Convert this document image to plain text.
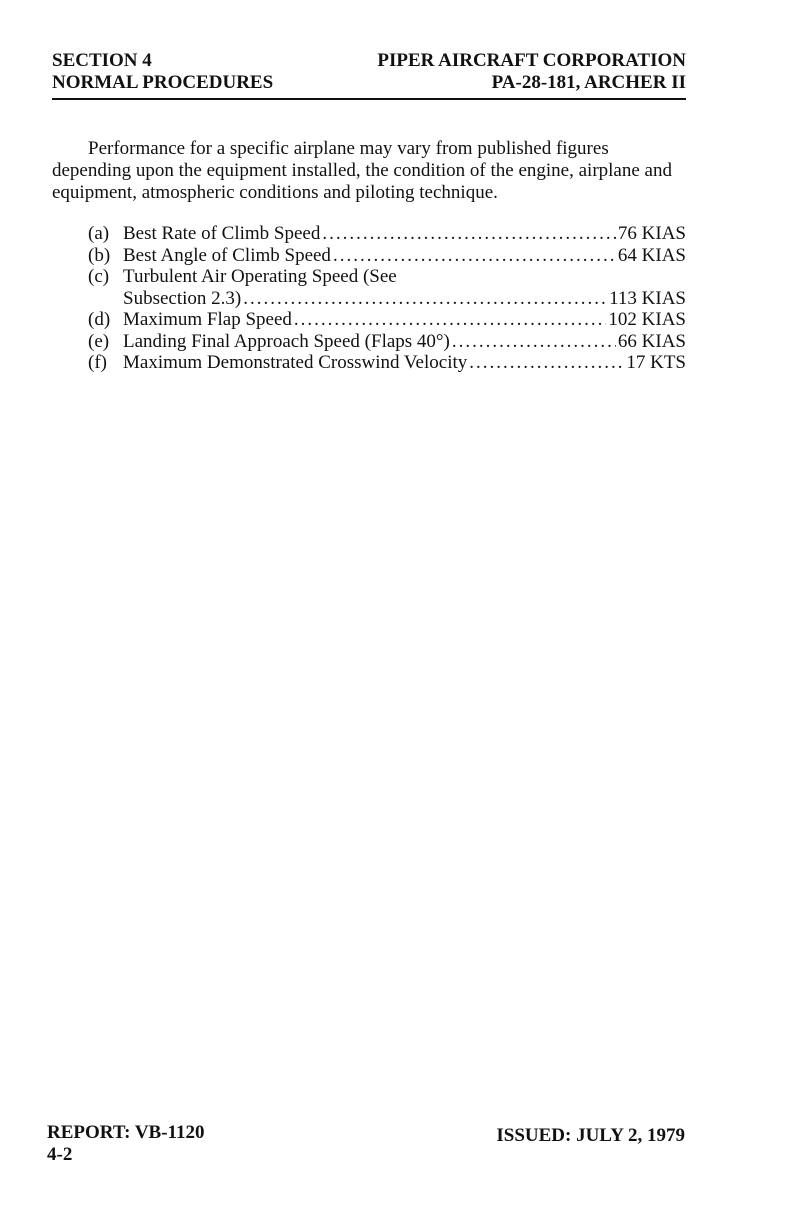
SECTION 4
NORMAL PROCEDURES
PIPER AIRCRAFT CORPORATION
PA-28-181, ARCHER II

Performance for a specific airplane may vary from published figures depending upon the equipment installed, the condition of the engine, airplane and equipment, atmospheric conditions and piloting technique.

(a) Best Rate of Climb Speed .....	76 KIAS
(b) Best Angle of Climb Speed .....	64 KIAS
(c) Turbulent Air Operating Speed (See
Subsection 2.3) .....	113 KIAS
(d) Maximum Flap Speed .....	102 KIAS
(e) Landing Final Approach Speed (Flaps 40°) .....	66 KIAS
(f) Maximum Demonstrated Crosswind Velocity .....	17 KTS
REPORT: VB-1120
4-2
ISSUED: JULY 2, 1979
